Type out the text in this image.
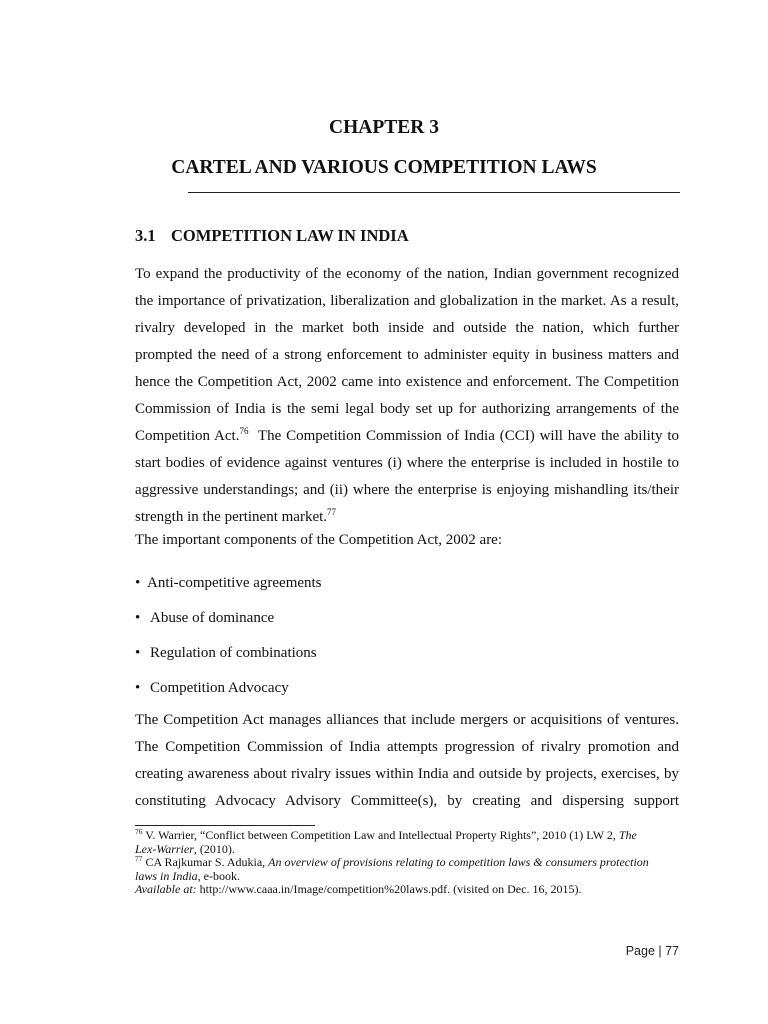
CHAPTER 3
CARTEL AND VARIOUS COMPETITION LAWS
3.1 COMPETITION LAW IN INDIA
To expand the productivity of the economy of the nation, Indian government recognized
the importance of privatization, liberalization and globalization in the market. As a result,
rivalry developed in the market both inside and outside the nation, which further
prompted the need of a strong enforcement to administer equity in business matters and
hence the Competition Act, 2002 came into existence and enforcement. The Competition
Commission of India is the semi legal body set up for authorizing arrangements of the
Competition Act.$^{76}$  The Competition Commission of India (CCI) will have the ability to
start bodies of evidence against ventures (i) where the enterprise is included in hostile to
aggressive understandings; and (ii) where the enterprise is enjoying mishandling its/their
strength in the pertinent market.$^{77}$
The important components of the Competition Act, 2002 are:
• Anti-competitive agreements
• Abuse of dominance
• Regulation of combinations
• Competition Advocacy
The Competition Act manages alliances that include mergers or acquisitions of ventures.
The Competition Commission of India attempts progression of rivalry promotion and
creating awareness about rivalry issues within India and outside by projects, exercises, by
constituting Advocacy Advisory Committee(s), by creating and dispersing support
$^{76}$ V. Warrier, “Conflict between Competition Law and Intellectual Property Rights”, 2010 (1) LW 2, The
Lex-Warrier, (2010).
$^{77}$ CA Rajkumar S. Adukia, An overview of provisions relating to competition laws & consumers protection
laws in India, e-book.
Available at: http://www.caaa.in/Image/competition%20laws.pdf. (visited on Dec. 16, 2015).
Page | 77
